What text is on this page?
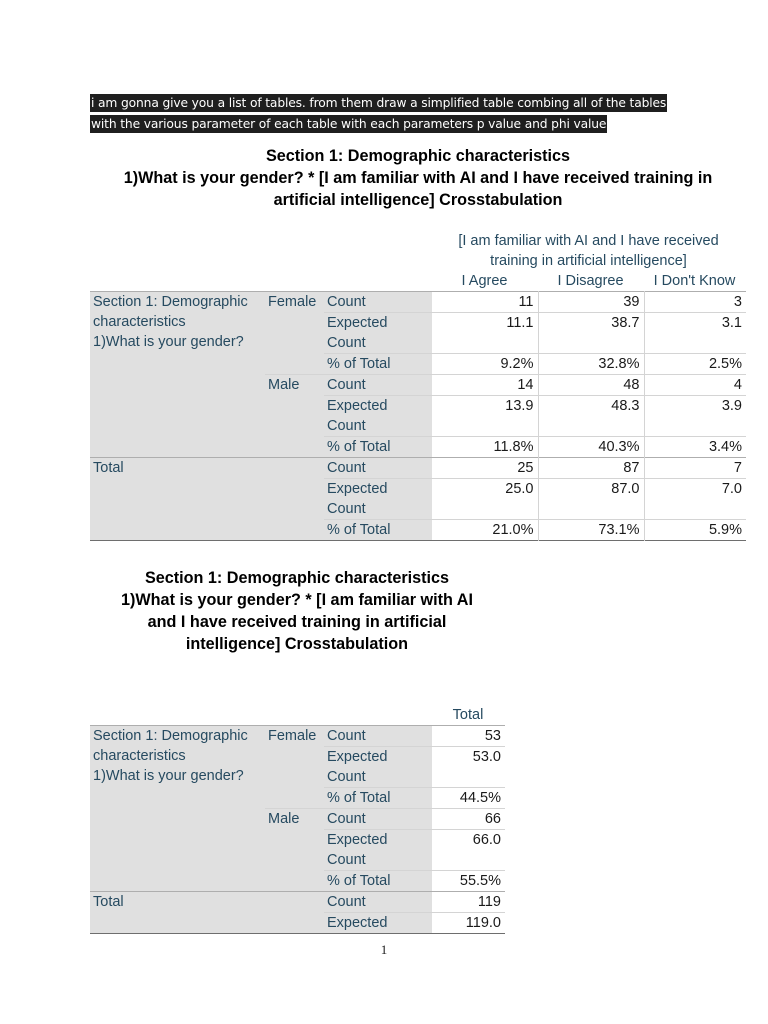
i am gonna give you a list of tables. from them draw a simplified table combing all of the tables
with the various parameter of each table with each parameters p value and phi value
Section 1: Demographic characteristics
1)What is your gender? * [I am familiar with AI and I have received training in
artificial intelligence] Crosstabulation

			[I am familiar with AI and I have received
training in artificial intelligence]		

			I Agree	I Disagree	I Don't Know

Section 1: Demographic
characteristics
1)What is your gender?	Female	Count	11	39	3

		Expected
Count	11.1	38.7	3.1
		% of Total	9.2%	32.8%	2.5%
	Male	Count	14	48	4

		Expected
Count	13.9	48.3	3.9
		% of Total	11.8%	40.3%	3.4%
Total		Count	25	87	7

		Expected
Count	25.0	87.0	7.0
		% of Total	21.0%	73.1%	5.9%
Section 1: Demographic characteristics
1)What is your gender? * [I am familiar with AI
and I have received training in artificial
intelligence] Crosstabulation
			Total

Section 1: Demographic
characteristics
1)What is your gender?	Female	Count	53

		Expected
Count	53.0
		% of Total	44.5%
	Male	Count	66

		Expected
Count	66.0
		% of Total	55.5%
Total		Count	119
		Expected	119.0
1
